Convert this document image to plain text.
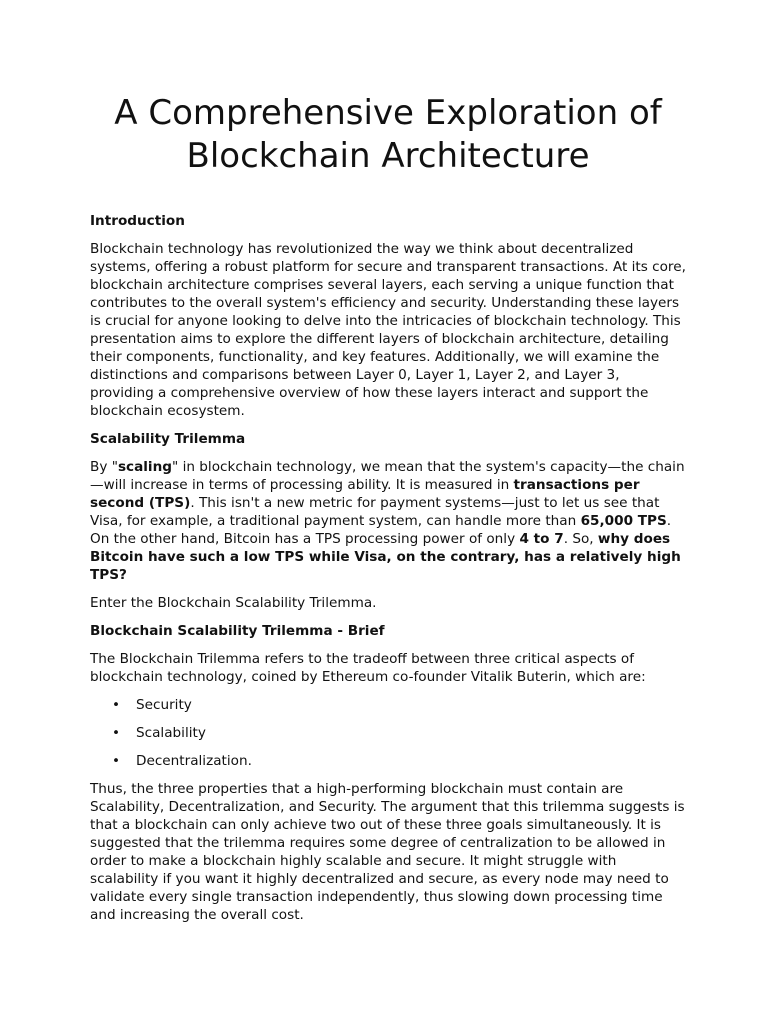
A Comprehensive Exploration of Blockchain Architecture
Introduction

Blockchain technology has revolutionized the way we think about decentralized systems, offering a robust platform for secure and transparent transactions. At its core, blockchain architecture comprises several layers, each serving a unique function that contributes to the overall system's efficiency and security. Understanding these layers is crucial for anyone looking to delve into the intricacies of blockchain technology. This presentation aims to explore the different layers of blockchain architecture, detailing their components, functionality, and key features. Additionally, we will examine the distinctions and comparisons between Layer 0, Layer 1, Layer 2, and Layer 3, providing a comprehensive overview of how these layers interact and support the blockchain ecosystem.

Scalability Trilemma

By "scaling" in blockchain technology, we mean that the system's capacity—the chain—will increase in terms of processing ability. It is measured in transactions per second (TPS). This isn't a new metric for payment systems—just to let us see that Visa, for example, a traditional payment system, can handle more than 65,000 TPS. On the other hand, Bitcoin has a TPS processing power of only 4 to 7. So, why does Bitcoin have such a low TPS while Visa, on the contrary, has a relatively high TPS?

Enter the Blockchain Scalability Trilemma.

Blockchain Scalability Trilemma - Brief

The Blockchain Trilemma refers to the tradeoff between three critical aspects of blockchain technology, coined by Ethereum co-founder Vitalik Buterin, which are:

• Security
• Scalability
• Decentralization.

Thus, the three properties that a high-performing blockchain must contain are Scalability, Decentralization, and Security. The argument that this trilemma suggests is that a blockchain can only achieve two out of these three goals simultaneously. It is suggested that the trilemma requires some degree of centralization to be allowed in order to make a blockchain highly scalable and secure. It might struggle with scalability if you want it highly decentralized and secure, as every node may need to validate every single transaction independently, thus slowing down processing time and increasing the overall cost.
